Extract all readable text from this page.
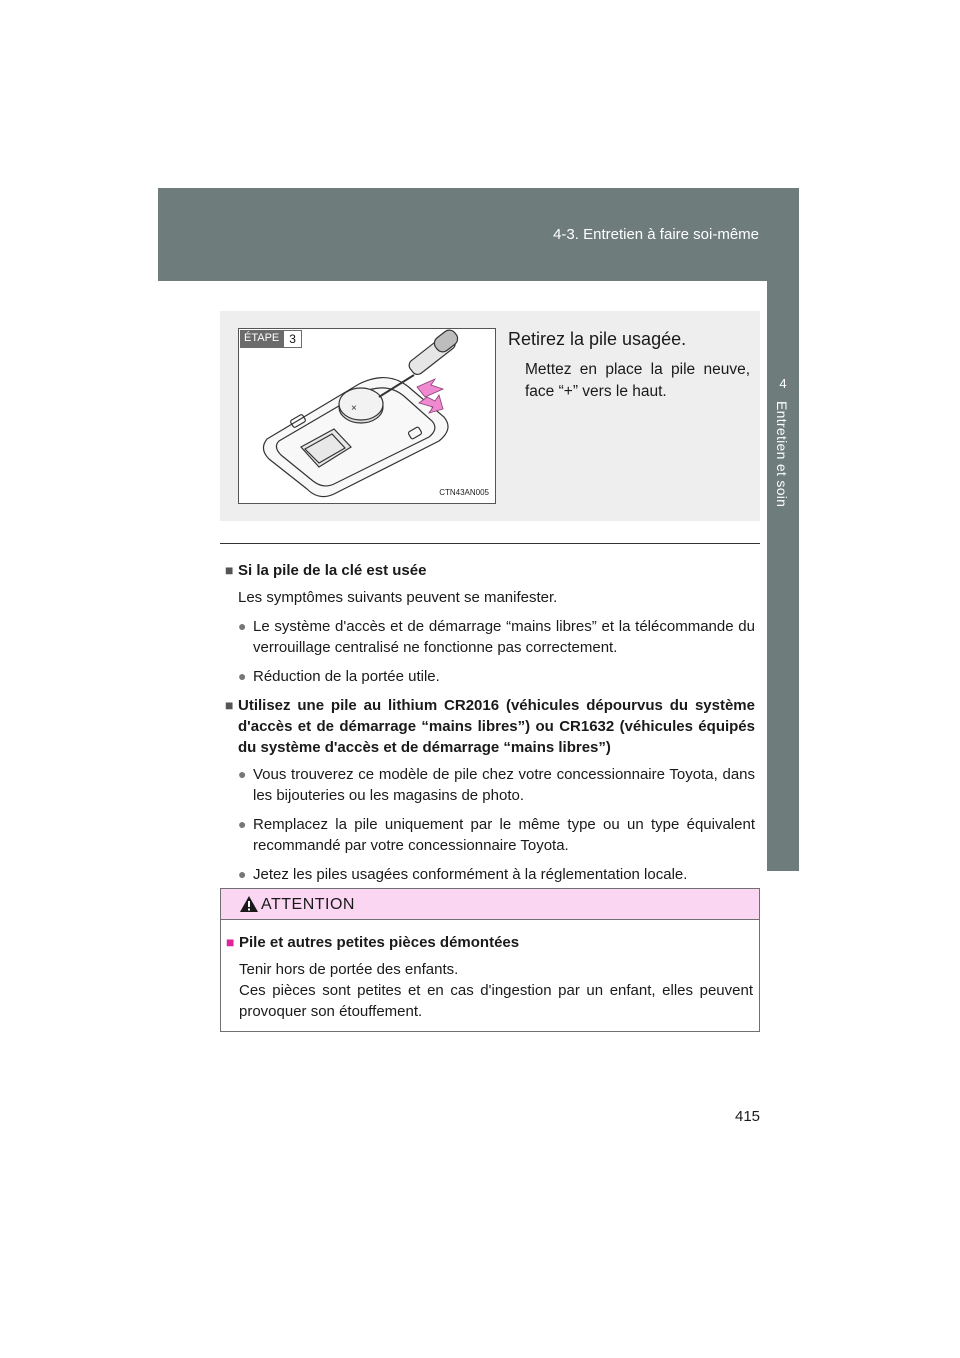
4-3. Entretien à faire soi-même
4
Entretien et soin
ÉTAPE 3
×
CTN43AN005
Retirez la pile usagée.
Mettez en place la pile neuve, face “+” vers le haut.
■ Si la pile de la clé est usée
Les symptômes suivants peuvent se manifester.
● Le système d'accès et de démarrage “mains libres” et la télécommande du verrouillage centralisé ne fonctionne pas correctement.
● Réduction de la portée utile.
■ Utilisez une pile au lithium CR2016 (véhicules dépourvus du système d'accès et de démarrage “mains libres”) ou CR1632 (véhicules équipés du système d'accès et de démarrage “mains libres”)
● Vous trouverez ce modèle de pile chez votre concessionnaire Toyota, dans les bijouteries ou les magasins de photo.
● Remplacez la pile uniquement par le même type ou un type équivalent recommandé par votre concessionnaire Toyota.
● Jetez les piles usagées conformément à la réglementation locale.
ATTENTION
■ Pile et autres petites pièces démontées
Tenir hors de portée des enfants.
Ces pièces sont petites et en cas d'ingestion par un enfant, elles peuvent provoquer son étouffement.
415
